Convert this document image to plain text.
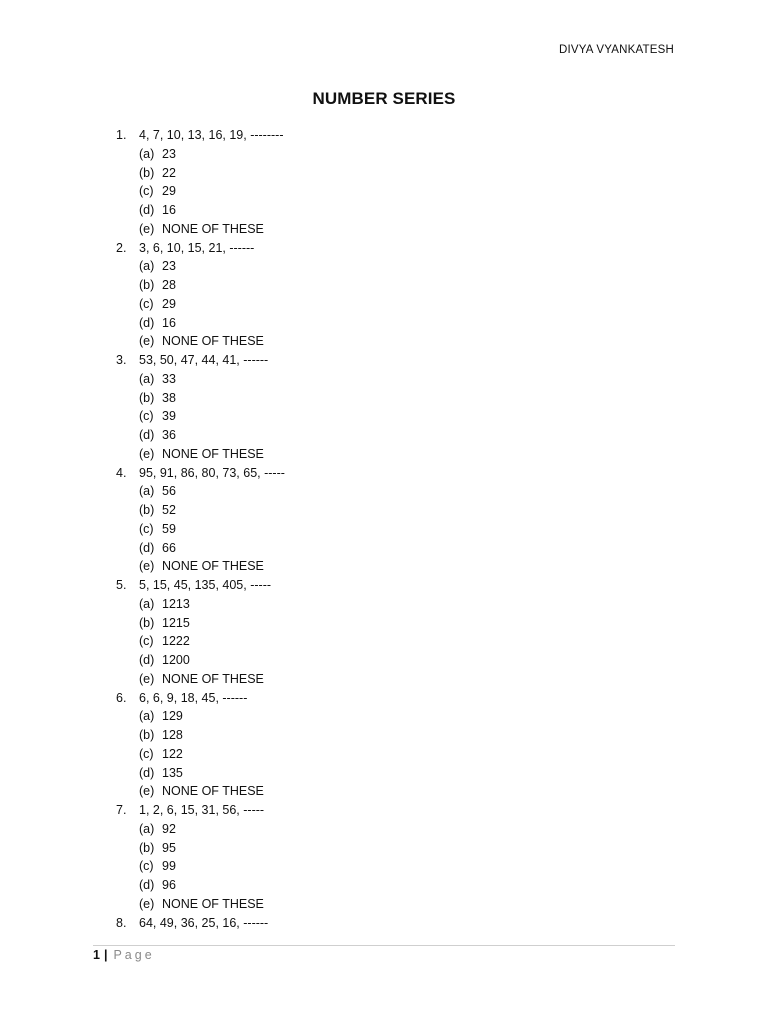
DIVYA VYANKATESH
NUMBER SERIES
1.	4, 7, 10, 13, 16, 19, --------
(a) 23
(b) 22
(c) 29
(d) 16
(e) NONE OF THESE
2.	3, 6, 10, 15, 21, ------
(a) 23
(b) 28
(c) 29
(d) 16
(e) NONE OF THESE
3.	53, 50, 47, 44, 41, ------
(a) 33
(b) 38
(c) 39
(d) 36
(e) NONE OF THESE
4.	95, 91, 86, 80, 73, 65, -----
(a) 56
(b) 52
(c) 59
(d) 66
(e) NONE OF THESE
5.	5, 15, 45, 135, 405, -----
(a) 1213
(b) 1215
(c) 1222
(d) 1200
(e) NONE OF THESE
6.	6, 6, 9, 18, 45, ------
(a) 129
(b) 128
(c) 122
(d) 135
(e) NONE OF THESE
7.	1, 2, 6, 15, 31, 56, -----
(a) 92
(b) 95
(c) 99
(d) 96
(e) NONE OF THESE
8.	64, 49, 36, 25, 16, ------
1 | Page
